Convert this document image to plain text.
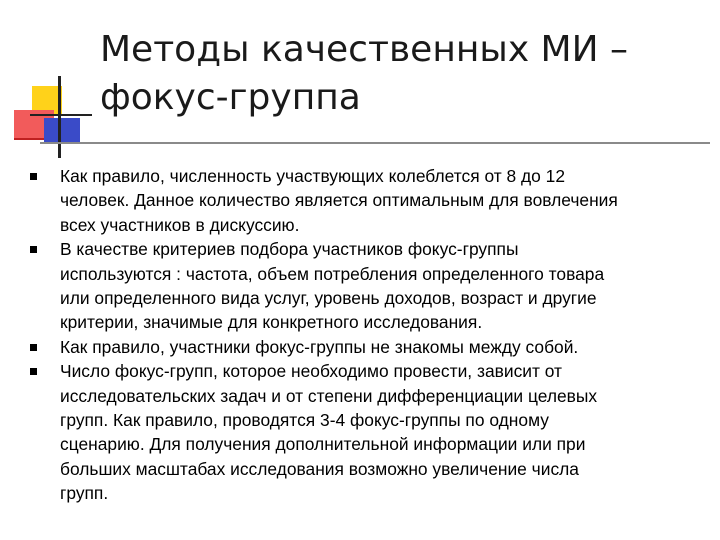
Методы качественных МИ –
фокус-группа
Как правило, численность участвующих колеблется от 8 до 12
человек. Данное количество является оптимальным для вовлечения
всех участников в дискуссию.
В качестве критериев подбора участников фокус-группы
используются : частота, объем потребления определенного товара
или определенного вида услуг, уровень доходов, возраст и другие
критерии, значимые для конкретного исследования.
Как правило, участники фокус-группы не знакомы между собой.
Число фокус-групп, которое необходимо провести, зависит от
исследовательских задач и от степени дифференциации целевых
групп. Как правило, проводятся 3-4 фокус-группы по одному
сценарию. Для получения дополнительной информации или при
больших масштабах исследования возможно увеличение числа
групп.
